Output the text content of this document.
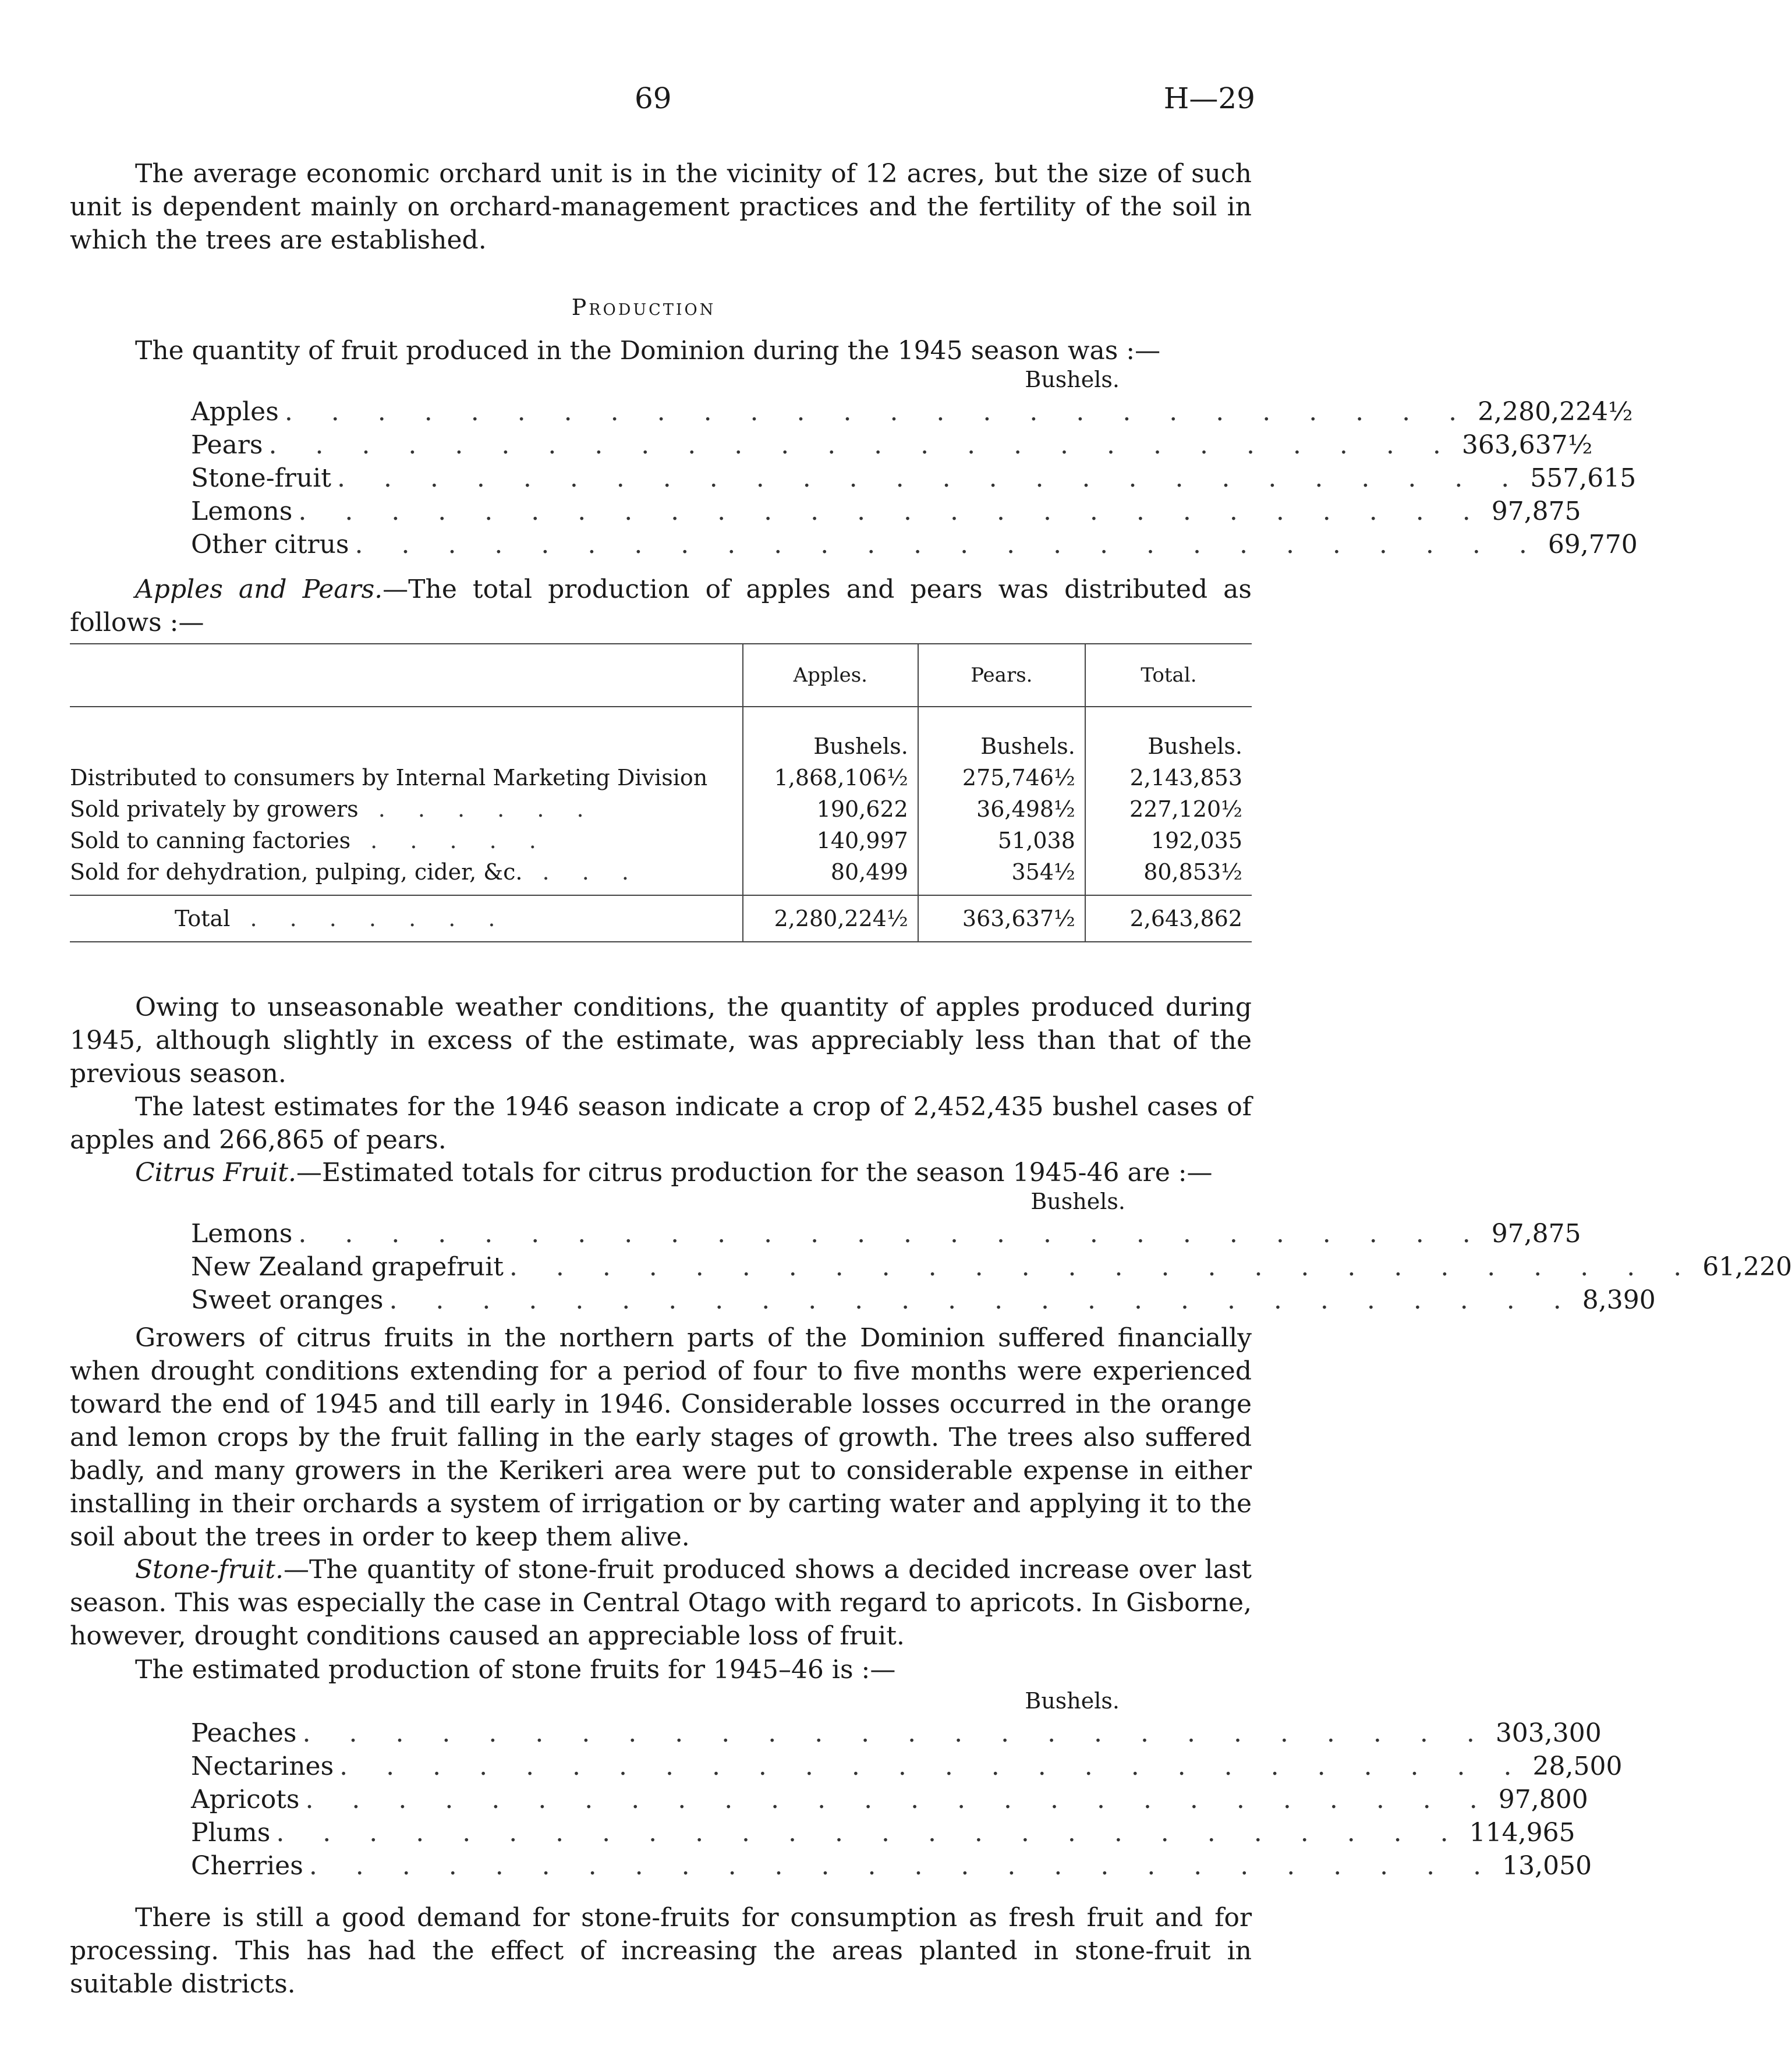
69	H—29
The average economic orchard unit is in the vicinity of 12 acres, but the size of such unit is dependent mainly on orchard-management practices and the fertility of the soil in which the trees are established.
Production
The quantity of fruit produced in the Dominion during the 1945 season was :—
Bushels.
Apples . . . . . . . . . . . . . . . . . . . . . . . . . . 2,280,224½
Pears . . . . . . . . . . . . . . . . . . . . . . . . . . 363,637½
Stone-fruit . . . . . . . . . . . . . . . . . . . . . . . . . . 557,615
Lemons . . . . . . . . . . . . . . . . . . . . . . . . . . 97,875
Other citrus . . . . . . . . . . . . . . . . . . . . . . . . . . 69,770
Apples and Pears.—The total production of apples and pears was distributed as follows :—
	Apples.	Pears.	Total.
	Bushels.	Bushels.	Bushels.
Distributed to consumers by Internal Marketing Division	1,868,106½	275,746½	2,143,853
Sold privately by growers . . . . . .	190,622	36,498½	227,120½
Sold to canning factories . . . . .	140,997	51,038	192,035
Sold for dehydration, pulping, cider, &c. . . .	80,499	354½	80,853½

Total . . . . . . .	2,280,224½	363,637½	2,643,862
Owing to unseasonable weather conditions, the quantity of apples produced during 1945, although slightly in excess of the estimate, was appreciably less than that of the previous season.
The latest estimates for the 1946 season indicate a crop of 2,452,435 bushel cases of apples and 266,865 of pears.
Citrus Fruit.—Estimated totals for citrus production for the season 1945-46 are :—
Bushels.
Lemons . . . . . . . . . . . . . . . . . . . . . . . . . . 97,875
New Zealand grapefruit . . . . . . . . . . . . . . . . . . . . . . . . . . 61,220
Sweet oranges . . . . . . . . . . . . . . . . . . . . . . . . . . 8,390
Growers of citrus fruits in the northern parts of the Dominion suffered financially when drought conditions extending for a period of four to five months were experienced toward the end of 1945 and till early in 1946. Considerable losses occurred in the orange and lemon crops by the fruit falling in the early stages of growth. The trees also suffered badly, and many growers in the Kerikeri area were put to considerable expense in either installing in their orchards a system of irrigation or by carting water and applying it to the soil about the trees in order to keep them alive.
Stone-fruit.—The quantity of stone-fruit produced shows a decided increase over last season. This was especially the case in Central Otago with regard to apricots. In Gisborne, however, drought conditions caused an appreciable loss of fruit.
The estimated production of stone fruits for 1945–46 is :—
Bushels.
Peaches . . . . . . . . . . . . . . . . . . . . . . . . . . 303,300
Nectarines . . . . . . . . . . . . . . . . . . . . . . . . . . 28,500
Apricots . . . . . . . . . . . . . . . . . . . . . . . . . . 97,800
Plums . . . . . . . . . . . . . . . . . . . . . . . . . . 114,965
Cherries . . . . . . . . . . . . . . . . . . . . . . . . . . 13,050
There is still a good demand for stone-fruits for consumption as fresh fruit and for processing. This has had the effect of increasing the areas planted in stone-fruit in suitable districts.
